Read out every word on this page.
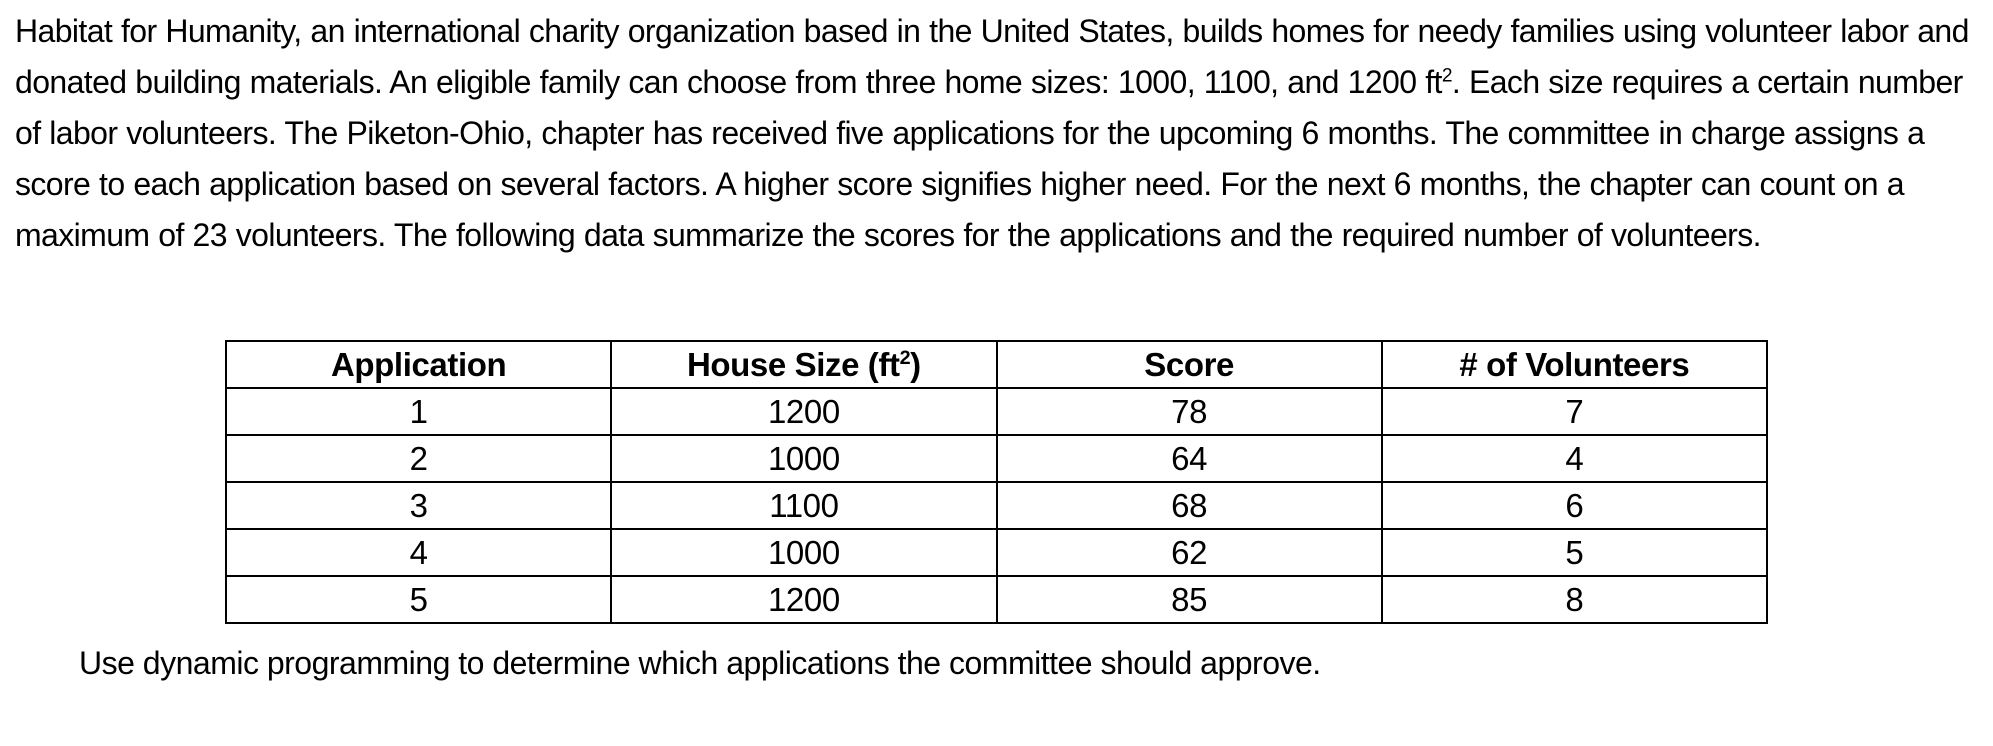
Habitat for Humanity, an international charity organization based in the United States, builds homes for needy families using volunteer labor and donated building materials. An eligible family can choose from three home sizes: 1000, 1100, and 1200 $ft^2$. Each size requires a certain number of labor volunteers. The Piketon-Ohio, chapter has received five applications for the upcoming 6 months. The committee in charge assigns a score to each application based on several factors. A higher score signifies higher need. For the next 6 months, the chapter can count on a maximum of 23 volunteers. The following data summarize the scores for the applications and the required number of volunteers.

Application	House Size $(ft^2)$	Score	# of Volunteers
1	1200	78	7
2	1000	64	4
3	1100	68	6
4	1000	62	5
5	1200	85	8

Use dynamic programming to determine which applications the committee should approve.
